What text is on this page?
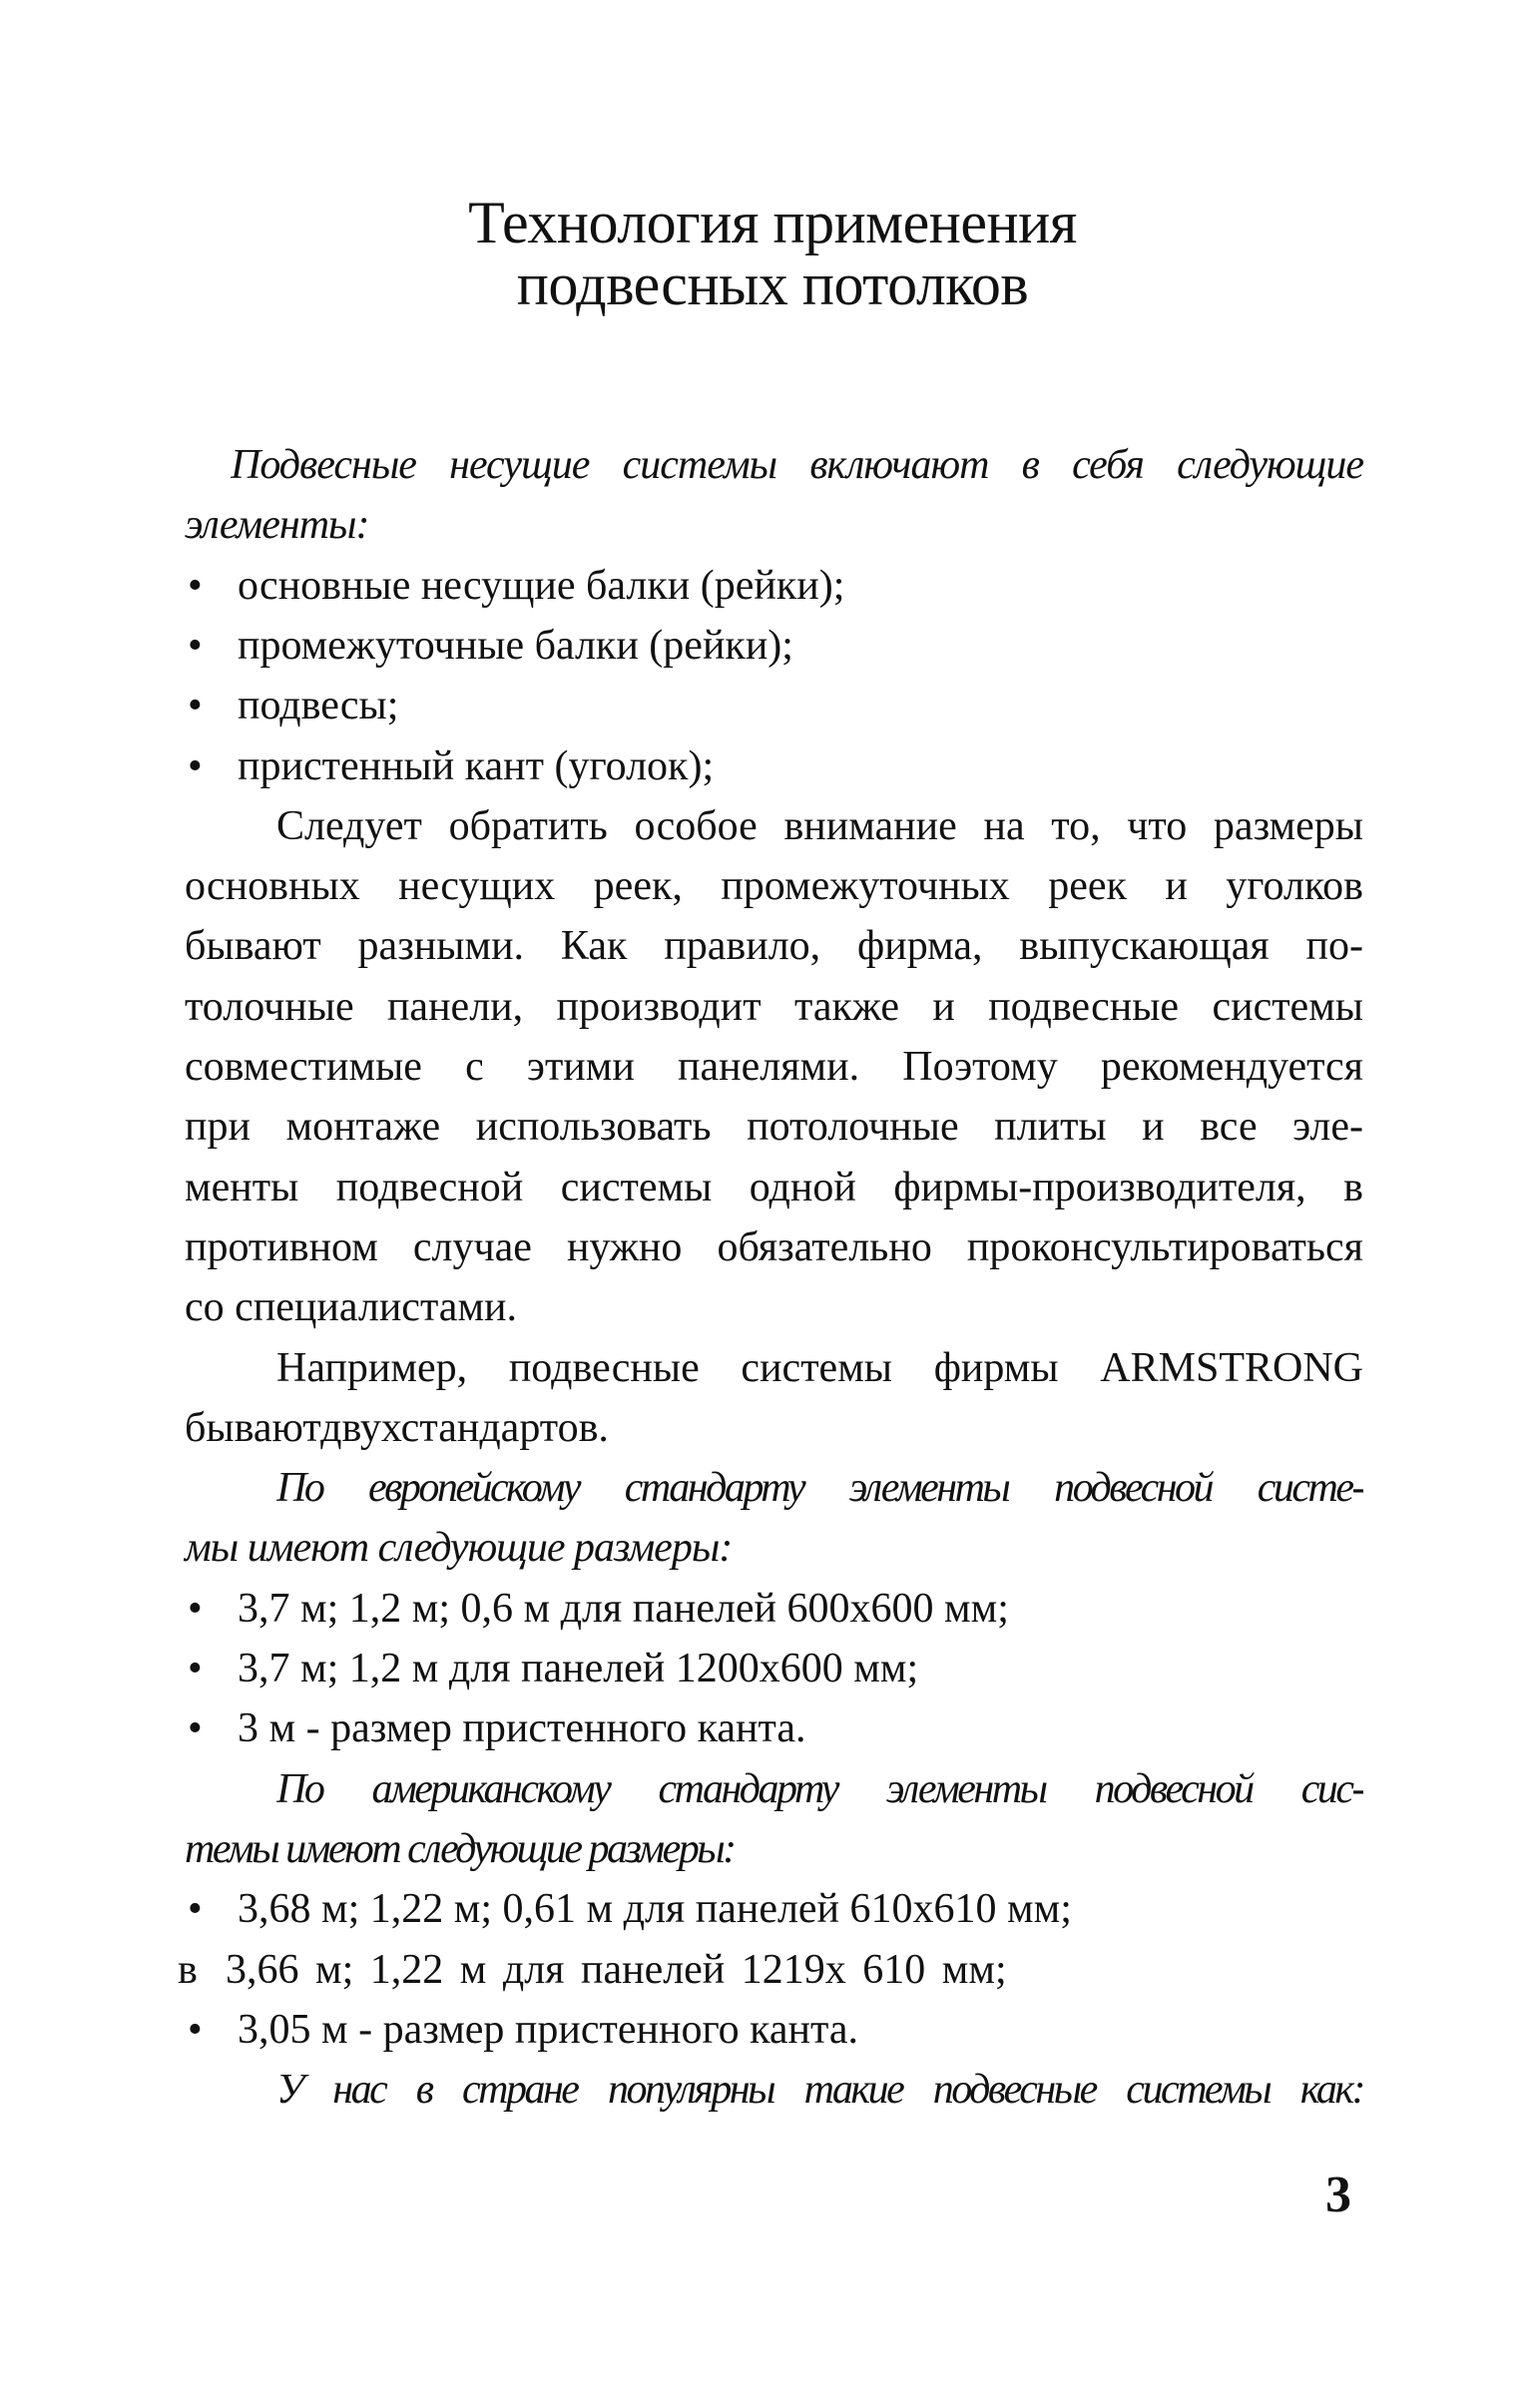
Технология применения
подвесных потолков
Подвесные несущие системы включают в себя следующие
элементы:
• основные несущие балки (рейки);
• промежуточные балки (рейки);
• подвесы;
• пристенный кант (уголок);
Следует обратить особое внимание на то, что размеры
основных несущих реек, промежуточных реек и уголков
бывают разными. Как правило, фирма, выпускающая по-
толочные панели, производит также и подвесные системы
совместимые с этими панелями. Поэтому рекомендуется
при монтаже использовать потолочные плиты и все эле-
менты подвесной системы одной фирмы-производителя, в
противном случае нужно обязательно проконсультироваться
со специалистами.
Например, подвесные системы фирмы ARMSTRONG
бываютдвухстандартов.
По европейскому стандарту элементы подвесной систе-
мы имеют следующие размеры:
• 3,7 м; 1,2 м; 0,6 м для панелей 600х600 мм;
• 3,7 м; 1,2 м для панелей 1200х600 мм;
• 3 м - размер пристенного канта.
По американскому стандарту элементы подвесной сис-
темы имеют следующие размеры:
• 3,68 м; 1,22 м; 0,61 м для панелей 610х610 мм;
в 3,66 м; 1,22 м для панелей 1219х 610 мм;
• 3,05 м - размер пристенного канта.
У нас в стране популярны такие подвесные системы как:
3
